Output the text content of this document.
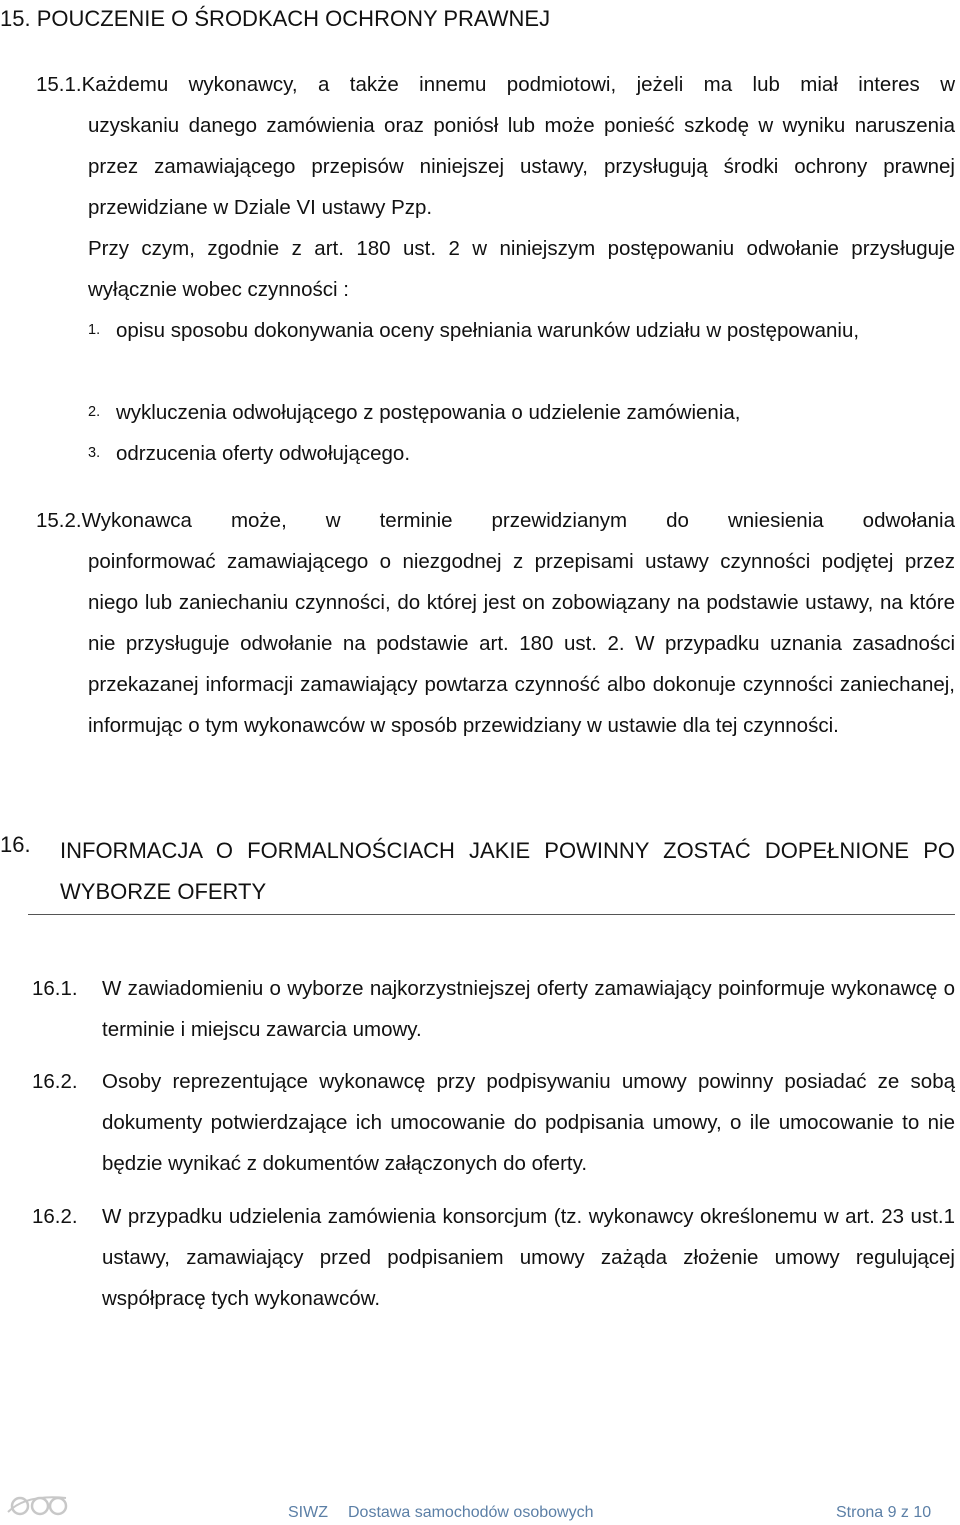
15. POUCZENIE O ŚRODKACH OCHRONY PRAWNEJ
15.1.Każdemu wykonawcy, a także innemu podmiotowi, jeżeli ma lub miał interes w
uzyskaniu danego zamówienia oraz poniósł lub może ponieść szkodę w wyniku naruszenia przez zamawiającego przepisów niniejszej ustawy, przysługują środki ochrony prawnej przewidziane w Dziale VI ustawy Pzp.
Przy czym, zgodnie z art. 180 ust. 2 w niniejszym postępowaniu odwołanie przysługuje wyłącznie wobec czynności :
1. opisu sposobu dokonywania oceny spełniania warunków udziału w postępowaniu,
2. wykluczenia odwołującego z postępowania o udzielenie zamówienia,
3. odrzucenia oferty odwołującego.
15.2.Wykonawca może, w terminie przewidzianym do wniesienia odwołania
poinformować zamawiającego o niezgodnej z przepisami ustawy czynności podjętej przez niego lub zaniechaniu czynności, do której jest on zobowiązany na podstawie ustawy, na które nie przysługuje odwołanie na podstawie art. 180 ust. 2. W przypadku uznania zasadności przekazanej informacji zamawiający powtarza czynność albo dokonuje czynności zaniechanej, informując o tym wykonawców w sposób przewidziany w ustawie dla tej czynności.
16. INFORMACJA O FORMALNOŚCIACH JAKIE POWINNY ZOSTAĆ DOPEŁNIONE PO WYBORZE OFERTY
16.1. W zawiadomieniu o wyborze najkorzystniejszej oferty zamawiający poinformuje wykonawcę o terminie i miejscu zawarcia umowy.
16.2. Osoby reprezentujące wykonawcę przy podpisywaniu umowy powinny posiadać ze sobą dokumenty potwierdzające ich umocowanie do podpisania umowy, o ile umocowanie to nie będzie wynikać z dokumentów załączonych do oferty.
16.2. W przypadku udzielenia zamówienia konsorcjum (tz. wykonawcy określonemu w art. 23 ust.1 ustawy, zamawiający przed podpisaniem umowy zażąda złożenie umowy regulującej współpracę tych wykonawców.
SIWZ Dostawa samochodów osobowych	Strona 9 z 10
